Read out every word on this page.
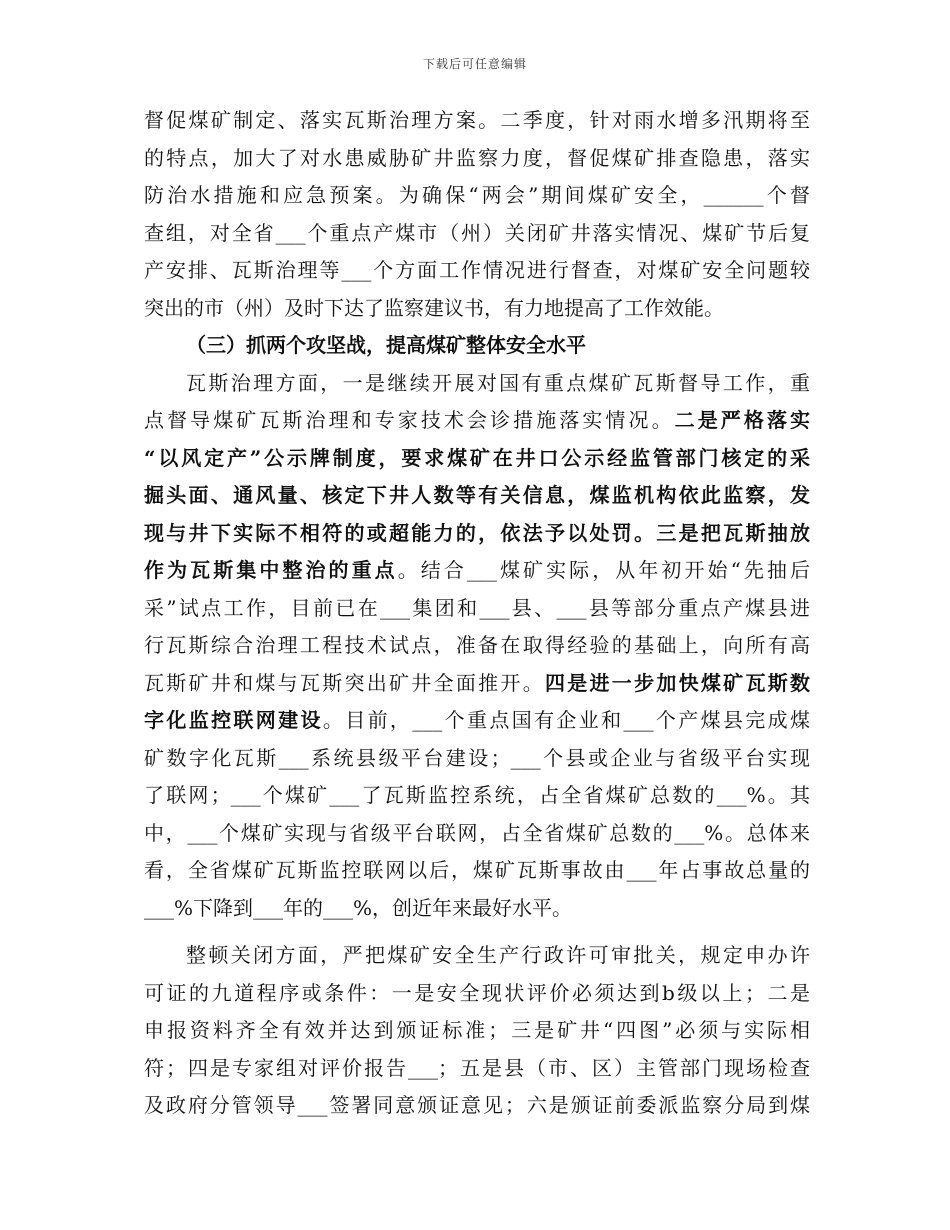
下载后可任意编辑
督促煤矿制定、落实瓦斯治理方案。二季度，针对雨水增多汛期将至
的特点，加大了对水患威胁矿井监察力度，督促煤矿排查隐患，落实
防治水措施和应急预案。为确保“两会”期间煤矿安全，______个督
查组，对全省___个重点产煤市（州）关闭矿井落实情况、煤矿节后复
产安排、瓦斯治理等___个方面工作情况进行督查，对煤矿安全问题较
突出的市（州）及时下达了监察建议书，有力地提高了工作效能。
（三）抓两个攻坚战，提高煤矿整体安全水平
瓦斯治理方面，一是继续开展对国有重点煤矿瓦斯督导工作，重
点督导煤矿瓦斯治理和专家技术会诊措施落实情况。二是严格落实
“以风定产”公示牌制度，要求煤矿在井口公示经监管部门核定的采
掘头面、通风量、核定下井人数等有关信息，煤监机构依此监察，发
现与井下实际不相符的或超能力的，依法予以处罚。三是把瓦斯抽放
作为瓦斯集中整治的重点。结合___煤矿实际，从年初开始“先抽后
采”试点工作，目前已在___集团和___县、___县等部分重点产煤县进
行瓦斯综合治理工程技术试点，准备在取得经验的基础上，向所有高
瓦斯矿井和煤与瓦斯突出矿井全面推开。四是进一步加快煤矿瓦斯数
字化监控联网建设。目前，___个重点国有企业和___个产煤县完成煤
矿数字化瓦斯___系统县级平台建设；___个县或企业与省级平台实现
了联网；___个煤矿___了瓦斯监控系统，占全省煤矿总数的___%。其
中，___个煤矿实现与省级平台联网，占全省煤矿总数的___%。总体来
看，全省煤矿瓦斯监控联网以后，煤矿瓦斯事故由___年占事故总量的
___%下降到___年的___%，创近年来最好水平。
整顿关闭方面，严把煤矿安全生产行政许可审批关，规定申办许
可证的九道程序或条件：一是安全现状评价必须达到b级以上；二是
申报资料齐全有效并达到颁证标准；三是矿井“四图”必须与实际相
符；四是专家组对评价报告___；五是县（市、区）主管部门现场检查
及政府分管领导___签署同意颁证意见；六是颁证前委派监察分局到煤
